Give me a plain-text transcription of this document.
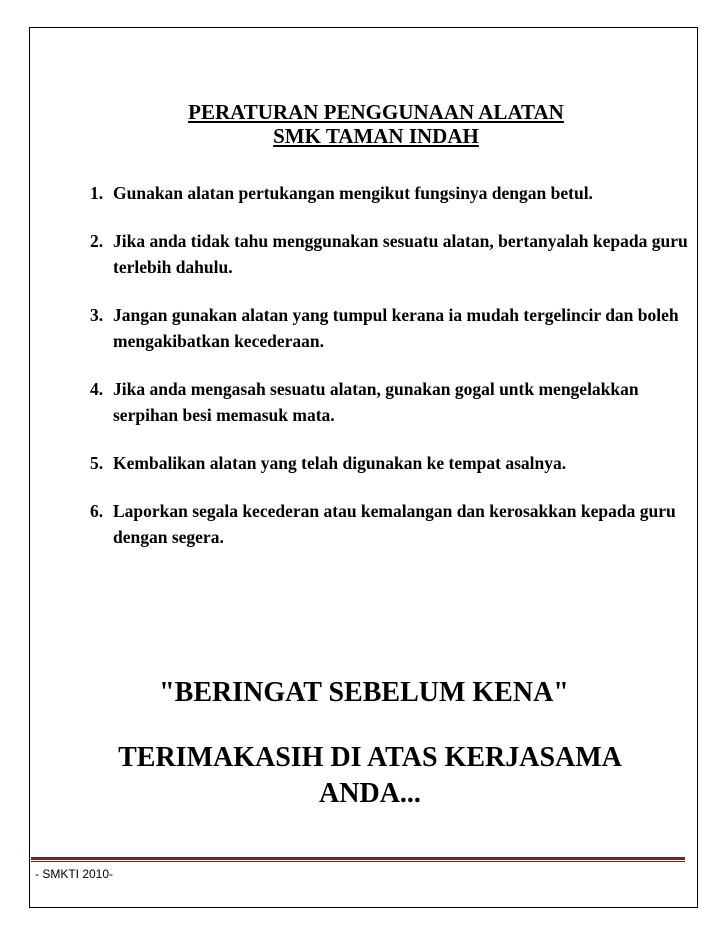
PERATURAN PENGGUNAAN ALATAN
SMK TAMAN INDAH
1. Gunakan alatan pertukangan mengikut fungsinya dengan betul.
2. Jika anda tidak tahu menggunakan sesuatu alatan, bertanyalah kepada guru terlebih dahulu.
3. Jangan gunakan alatan yang tumpul kerana ia mudah tergelincir dan boleh mengakibatkan kecederaan.
4. Jika anda mengasah sesuatu alatan, gunakan gogal untk mengelakkan serpihan besi memasuk mata.
5. Kembalikan alatan yang telah digunakan ke tempat asalnya.
6. Laporkan segala kecederan atau kemalangan dan kerosakkan kepada guru dengan segera.
"BERINGAT SEBELUM KENA"
TERIMAKASIH DI ATAS KERJASAMA ANDA...
- SMKTI 2010-
